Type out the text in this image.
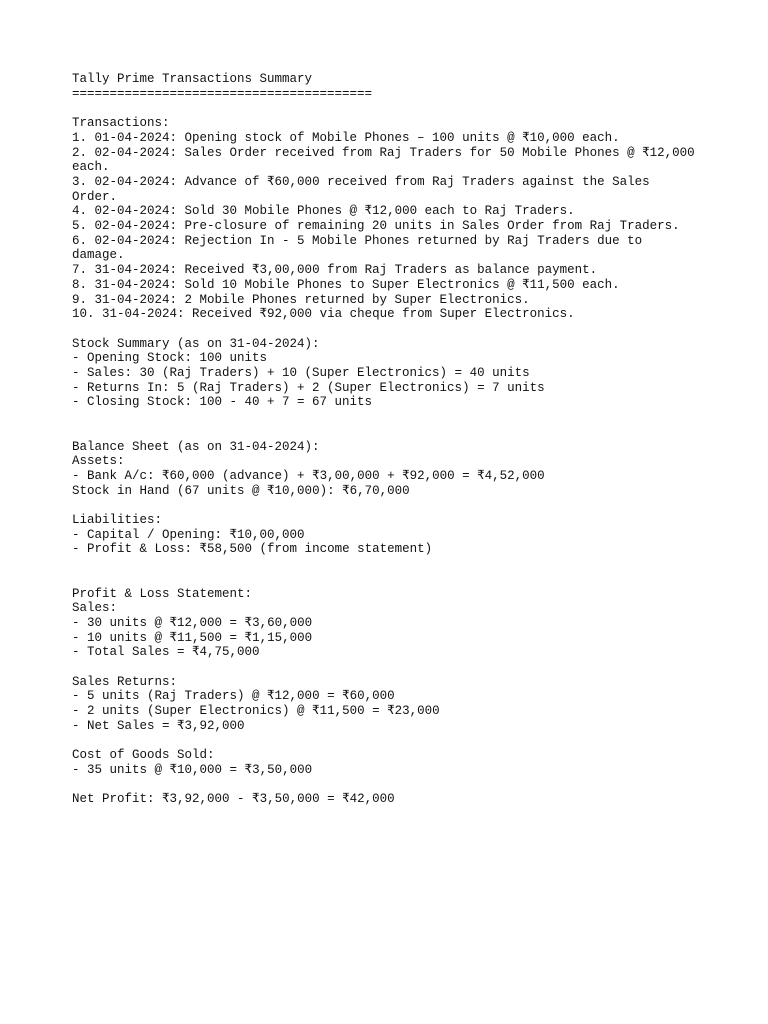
Tally Prime Transactions Summary
========================================
Transactions:
1. 01-04-2024: Opening stock of Mobile Phones – 100 units @ ₹10,000 each.
2. 02-04-2024: Sales Order received from Raj Traders for 50 Mobile Phones @ ₹12,000
each.
3. 02-04-2024: Advance of ₹60,000 received from Raj Traders against the Sales
Order.
4. 02-04-2024: Sold 30 Mobile Phones @ ₹12,000 each to Raj Traders.
5. 02-04-2024: Pre-closure of remaining 20 units in Sales Order from Raj Traders.
6. 02-04-2024: Rejection In - 5 Mobile Phones returned by Raj Traders due to
damage.
7. 31-04-2024: Received ₹3,00,000 from Raj Traders as balance payment.
8. 31-04-2024: Sold 10 Mobile Phones to Super Electronics @ ₹11,500 each.
9. 31-04-2024: 2 Mobile Phones returned by Super Electronics.
10. 31-04-2024: Received ₹92,000 via cheque from Super Electronics.
Stock Summary (as on 31-04-2024):
- Opening Stock: 100 units
- Sales: 30 (Raj Traders) + 10 (Super Electronics) = 40 units
- Returns In: 5 (Raj Traders) + 2 (Super Electronics) = 7 units
- Closing Stock: 100 - 40 + 7 = 67 units
Balance Sheet (as on 31-04-2024):
Assets:
- Bank A/c: ₹60,000 (advance) + ₹3,00,000 + ₹92,000 = ₹4,52,000
Stock in Hand (67 units @ ₹10,000): ₹6,70,000
Liabilities:
- Capital / Opening: ₹10,00,000
- Profit & Loss: ₹58,500 (from income statement)
Profit & Loss Statement:
Sales:
- 30 units @ ₹12,000 = ₹3,60,000
- 10 units @ ₹11,500 = ₹1,15,000
- Total Sales = ₹4,75,000
Sales Returns:
- 5 units (Raj Traders) @ ₹12,000 = ₹60,000
- 2 units (Super Electronics) @ ₹11,500 = ₹23,000
- Net Sales = ₹3,92,000
Cost of Goods Sold:
- 35 units @ ₹10,000 = ₹3,50,000
Net Profit: ₹3,92,000 - ₹3,50,000 = ₹42,000
